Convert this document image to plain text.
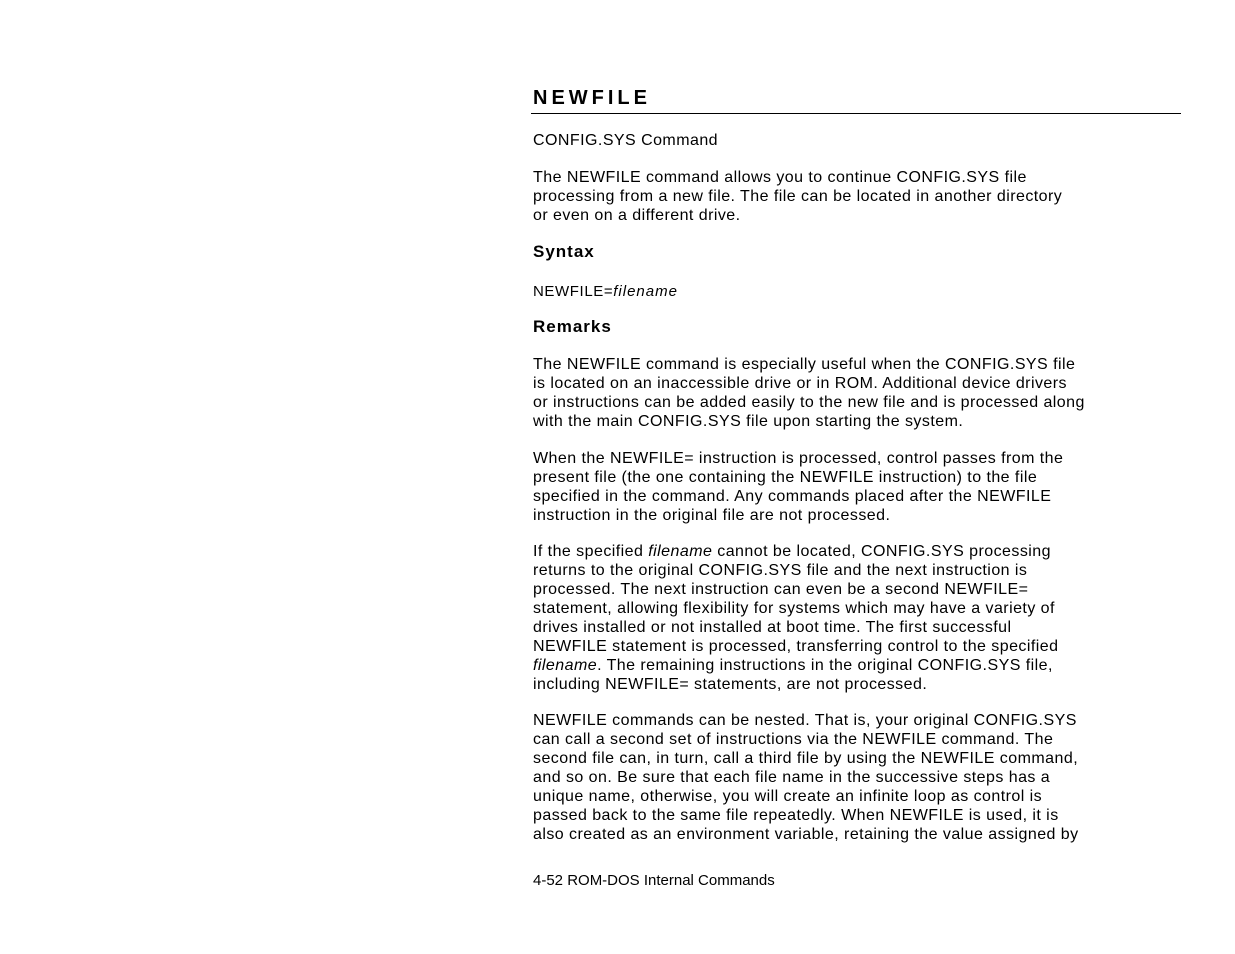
NEWFILE

CONFIG.SYS Command

The NEWFILE command allows you to continue CONFIG.SYS file
processing from a new file. The file can be located in another directory
or even on a different drive.

Syntax
NEWFILE=filename
Remarks

The NEWFILE command is especially useful when the CONFIG.SYS file
is located on an inaccessible drive or in ROM. Additional device drivers
or instructions can be added easily to the new file and is processed along
with the main CONFIG.SYS file upon starting the system.

When the NEWFILE= instruction is processed, control passes from the
present file (the one containing the NEWFILE instruction) to the file
specified in the command. Any commands placed after the NEWFILE
instruction in the original file are not processed.

If the specified filename cannot be located, CONFIG.SYS processing
returns to the original CONFIG.SYS file and the next instruction is
processed. The next instruction can even be a second NEWFILE=
statement, allowing flexibility for systems which may have a variety of
drives installed or not installed at boot time. The first successful
NEWFILE statement is processed, transferring control to the specified
filename. The remaining instructions in the original CONFIG.SYS file,
including NEWFILE= statements, are not processed.

NEWFILE commands can be nested. That is, your original CONFIG.SYS
can call a second set of instructions via the NEWFILE command. The
second file can, in turn, call a third file by using the NEWFILE command,
and so on. Be sure that each file name in the successive steps has a
unique name, otherwise, you will create an infinite loop as control is
passed back to the same file repeatedly. When NEWFILE is used, it is
also created as an environment variable, retaining the value assigned by

4-52 ROM-DOS Internal Commands
